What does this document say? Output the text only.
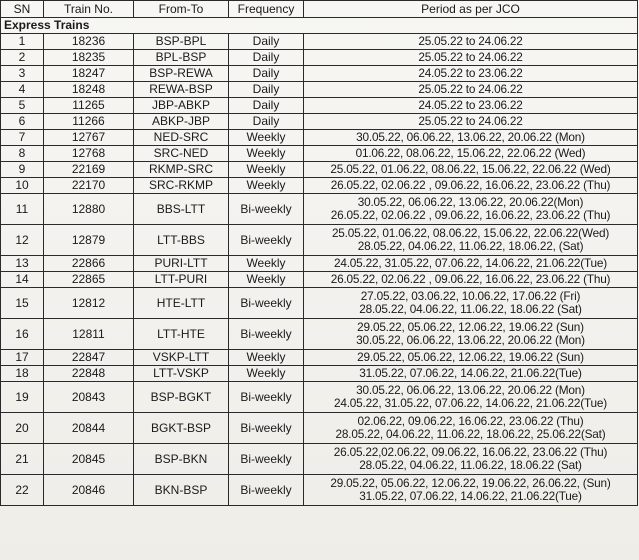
SN	Train No.	From-To	Frequency	Period as per JCO
Express Trains				
1	18236	BSP-BPL	Daily	25.05.22 to 24.06.22

2	18235	BPL-BSP	Daily	25.05.22 to 24.06.22

3	18247	BSP-REWA	Daily	24.05.22 to 23.06.22

4	18248	REWA-BSP	Daily	25.05.22 to 24.06.22

5	11265	JBP-ABKP	Daily	24.05.22 to 23.06.22

6	11266	ABKP-JBP	Daily	25.05.22 to 24.06.22

7	12767	NED-SRC	Weekly	30.05.22, 06.06.22, 13.06.22, 20.06.22 (Mon)

8	12768	SRC-NED	Weekly	01.06.22, 08.06.22, 15.06.22, 22.06.22 (Wed)

9	22169	RKMP-SRC	Weekly	25.05.22, 01.06.22, 08.06.22, 15.06.22, 22.06.22 (Wed)

10	22170	SRC-RKMP	Weekly	26.05.22, 02.06.22 , 09.06.22, 16.06.22, 23.06.22 (Thu)

11	12880	BBS-LTT	Bi-weekly	30.05.22, 06.06.22, 13.06.22, 20.06.22(Mon)
26.05.22, 02.06.22 , 09.06.22, 16.06.22, 23.06.22 (Thu)

12	12879	LTT-BBS	Bi-weekly	25.05.22, 01.06.22, 08.06.22, 15.06.22, 22.06.22(Wed)
28.05.22, 04.06.22, 11.06.22, 18.06.22, (Sat)

13	22866	PURI-LTT	Weekly	24.05.22, 31.05.22, 07.06.22, 14.06.22, 21.06.22(Tue)

14	22865	LTT-PURI	Weekly	26.05.22, 02.06.22 , 09.06.22, 16.06.22, 23.06.22 (Thu)

15	12812	HTE-LTT	Bi-weekly	27.05.22, 03.06.22, 10.06.22, 17.06.22 (Fri)
28.05.22, 04.06.22, 11.06.22, 18.06.22 (Sat)

16	12811	LTT-HTE	Bi-weekly	29.05.22, 05.06.22, 12.06.22, 19.06.22 (Sun)
30.05.22, 06.06.22, 13.06.22, 20.06.22 (Mon)

17	22847	VSKP-LTT	Weekly	29.05.22, 05.06.22, 12.06.22, 19.06.22 (Sun)

18	22848	LTT-VSKP	Weekly	31.05.22, 07.06.22, 14.06.22, 21.06.22(Tue)

19	20843	BSP-BGKT	Bi-weekly	30.05.22, 06.06.22, 13.06.22, 20.06.22 (Mon)
24.05.22, 31.05.22, 07.06.22, 14.06.22, 21.06.22(Tue)

20	20844	BGKT-BSP	Bi-weekly	02.06.22, 09.06.22, 16.06.22, 23.06.22 (Thu)
28.05.22, 04.06.22, 11.06.22, 18.06.22, 25.06.22(Sat)

21	20845	BSP-BKN	Bi-weekly	26.05.22,02.06.22, 09.06.22, 16.06.22, 23.06.22 (Thu)
28.05.22, 04.06.22, 11.06.22, 18.06.22 (Sat)

22	20846	BKN-BSP	Bi-weekly	29.05.22, 05.06.22, 12.06.22, 19.06.22, 26.06.22, (Sun)
31.05.22, 07.06.22, 14.06.22, 21.06.22(Tue)
